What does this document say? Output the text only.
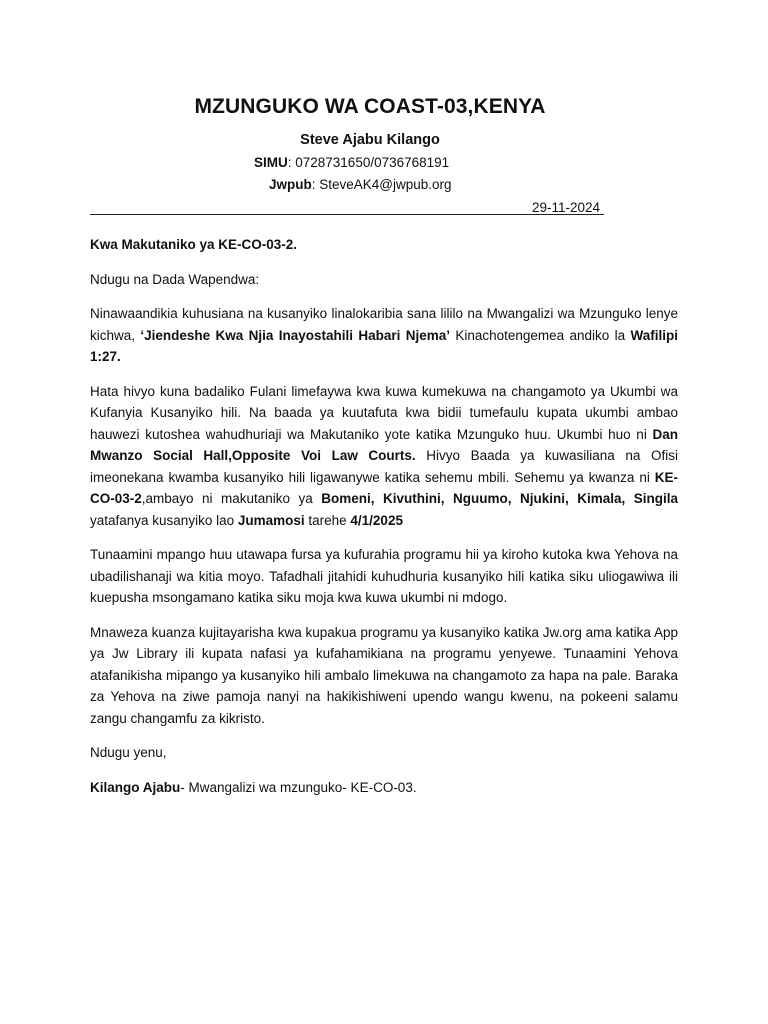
MZUNGUKO WA COAST-03,KENYA
Steve Ajabu Kilango
SIMU: 0728731650/0736768191
Jwpub: SteveAK4@jwpub.org
29-11-2024

Kwa Makutaniko ya KE-CO-03-2.

Ndugu na Dada Wapendwa:

Ninawaandikia kuhusiana na kusanyiko linalokaribia sana lililo na Mwangalizi wa Mzunguko lenye kichwa, ‘Jiendeshe Kwa Njia Inayostahili Habari Njema’ Kinachotengemea andiko la Wafilipi 1:27.

Hata hivyo kuna badaliko Fulani limefaywa kwa kuwa kumekuwa na changamoto ya Ukumbi wa Kufanyia Kusanyiko hili. Na baada ya kuutafuta kwa bidii tumefaulu kupata ukumbi ambao hauwezi kutoshea wahudhuriaji wa Makutaniko yote katika Mzunguko huu. Ukumbi huo ni Dan Mwanzo Social Hall,Opposite Voi Law Courts. Hivyo Baada ya kuwasiliana na Ofisi imeonekana kwamba kusanyiko hili ligawanywe katika sehemu mbili. Sehemu ya kwanza ni KE-CO-03-2,ambayo ni makutaniko ya Bomeni, Kivuthini, Nguumo, Njukini, Kimala, Singila yatafanya kusanyiko lao Jumamosi tarehe 4/1/2025

Tunaamini mpango huu utawapa fursa ya kufurahia programu hii ya kiroho kutoka kwa Yehova na ubadilishanaji wa kitia moyo. Tafadhali jitahidi kuhudhuria kusanyiko hili katika siku uliogawiwa ili kuepusha msongamano katika siku moja kwa kuwa ukumbi ni mdogo.

Mnaweza kuanza kujitayarisha kwa kupakua programu ya kusanyiko katika Jw.org ama katika App ya Jw Library ili kupata nafasi ya kufahamikiana na programu yenyewe. Tunaamini Yehova atafanikisha mipango ya kusanyiko hili ambalo limekuwa na changamoto za hapa na pale. Baraka za Yehova na ziwe pamoja nanyi na hakikishiweni upendo wangu kwenu, na pokeeni salamu zangu changamfu za kikristo.

Ndugu yenu,

Kilango Ajabu- Mwangalizi wa mzunguko- KE-CO-03.
